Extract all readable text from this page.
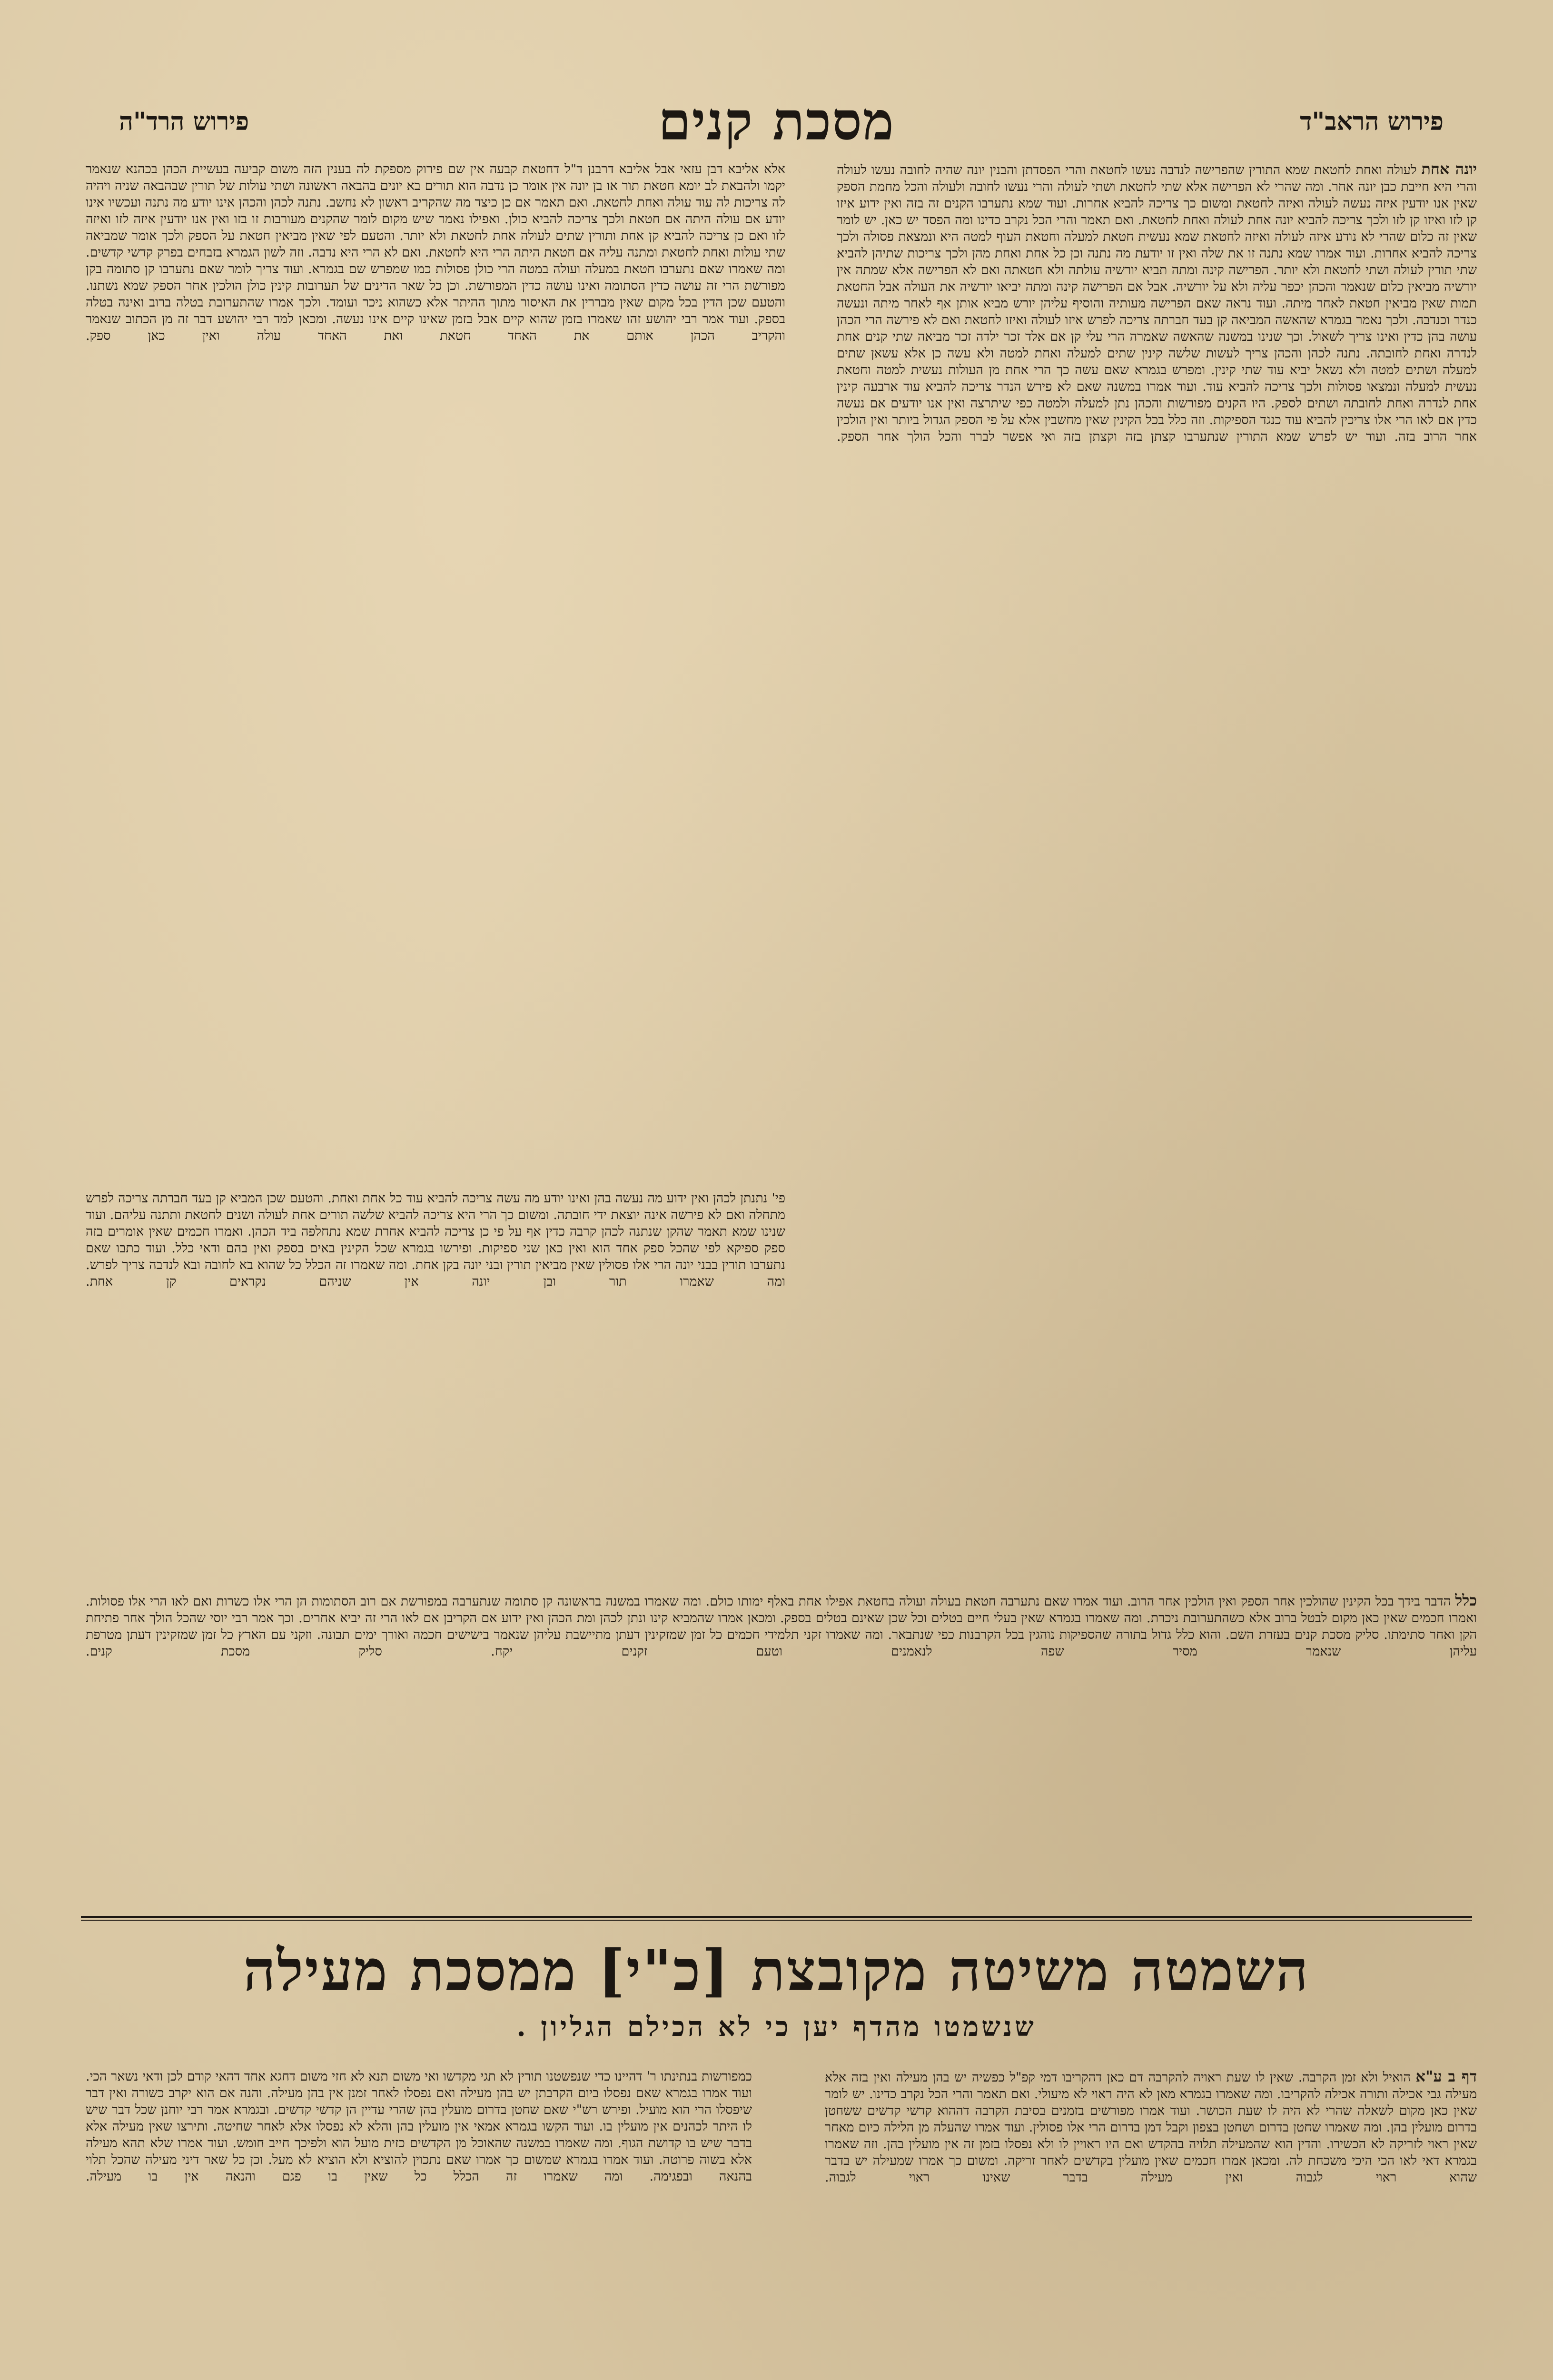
פירוש הראב"ד
מסכת קנים
פירוש הרד"ה

יונה אחת לעולה ואחת לחטאת שמא התורין שהפרישה לנדבה נעשו לחטאת והרי הפסדתן והבנין יונה שהיה לחובה נעשו לעולה והרי היא חייבת כבן יונה אחר. ומה שהרי לא הפרישה אלא שתי לחטאת ושתי לעולה והרי נעשו לחובה ולעולה והכל מחמת הספק שאין אנו יודעין איזה נעשה לעולה ואיזה לחטאת ומשום כך צריכה להביא אחרות. ועוד שמא נתערבו הקנים זה בזה ואין ידוע איזו קן לזו ואיזו קן לזו ולכך צריכה להביא יונה אחת לעולה ואחת לחטאת. ואם תאמר והרי הכל נקרב כדינו ומה הפסד יש כאן. יש לומר שאין זה כלום שהרי לא נודע איזה לעולה ואיזה לחטאת שמא נעשית חטאת למעלה וחטאת העוף למטה היא ונמצאת פסולה ולכך צריכה להביא אחרות. ועוד אמרו שמא נתנה זו את שלה ואין זו יודעת מה נתנה וכן כל אחת ואחת מהן ולכך צריכות שתיהן להביא שתי תורין לעולה ושתי לחטאת ולא יותר. הפרישה קינה ומתה תביא יורשיה עולתה ולא חטאתה ואם לא הפרישה אלא שמתה אין יורשיה מביאין כלום שנאמר והכהן יכפר עליה ולא על יורשיה. אבל אם הפרישה קינה ומתה יביאו יורשיה את העולה אבל החטאת תמות שאין מביאין חטאת לאחר מיתה. ועוד נראה שאם הפרישה מעותיה והוסיף עליהן יורש מביא אותן אף לאחר מיתה ונעשה כנדר וכנדבה. ולכך נאמר בגמרא שהאשה המביאה קן בעד חברתה צריכה לפרש איזו לעולה ואיזו לחטאת ואם לא פירשה הרי הכהן עושה בהן כדין ואינו צריך לשאול. וכך שנינו במשנה שהאשה שאמרה הרי עלי קן אם אלד זכר ילדה זכר מביאה שתי קנים אחת לנדרה ואחת לחובתה. נתנה לכהן והכהן צריך לעשות שלשה קינין שתים למעלה ואחת למטה ולא עשה כן אלא עשאן שתים למעלה ושתים למטה ולא נשאל יביא עוד שתי קינין. ומפרש בגמרא שאם עשה כך הרי אחת מן העולות נעשית למטה וחטאת נעשית למעלה ונמצאו פסולות ולכך צריכה להביא עוד. ועוד אמרו במשנה שאם לא פירש הנדר צריכה להביא עוד ארבעה קינין אחת לנדרה ואחת לחובתה ושתים לספק. היו הקנים מפורשות והכהן נתן למעלה ולמטה כפי שיתרצה ואין אנו יודעים אם נעשה כדין אם לאו הרי אלו צריכין להביא עוד כנגד הספיקות. וזה כלל בכל הקינין שאין מחשבין אלא על פי הספק הגדול ביותר ואין הולכין אחר הרוב בזה. ועוד יש לפרש שמא התורין שנתערבו קצתן בזה וקצתן בזה ואי אפשר לברר והכל הולך אחר הספק.

אלא אליבא דבן עזאי אבל אליבא דרבנן ד"ל דחטאת קבעה אין שם פירוק מספקת לה בענין הזה משום קביעה בעשיית הכהן בכהנא שנאמר יקמו ולהבאת לב יומא חטאת תור או בן יונה אין אומר כן נדבה הוא תורים בא יונים בהבאה ראשונה ושתי עולות של תורין שבהבאה שניה ויהיה לה צריכות לה עוד עולה ואחת לחטאת. ואם תאמר אם כן כיצד מה שהקריב ראשון לא נחשב. נתנה לכהן והכהן אינו יודע מה נתנה ועכשיו אינו יודע אם עולה היתה אם חטאת ולכך צריכה להביא כולן. ואפילו נאמר שיש מקום לומר שהקנים מעורבות זו בזו ואין אנו יודעין איזה לזו ואיזה לזו ואם כן צריכה להביא קן אחת ותורין שתים לעולה אחת לחטאת ולא יותר. והטעם לפי שאין מביאין חטאת על הספק ולכך אומר שמביאה שתי עולות ואחת לחטאת ומתנה עליה אם חטאת היתה הרי היא לחטאת. ואם לא הרי היא נדבה. וזה לשון הגמרא בזבחים בפרק קדשי קדשים. ומה שאמרו שאם נתערבו חטאת במעלה ועולה במטה הרי כולן פסולות כמו שמפרש שם בגמרא. ועוד צריך לומר שאם נתערבו קן סתומה בקן מפורשת הרי זה עושה כדין הסתומה ואינו עושה כדין המפורשת. וכן כל שאר הדינים של תערובות קינין כולן הולכין אחר הספק שמא נשתנו. והטעם שכן הדין בכל מקום שאין מבררין את האיסור מתוך ההיתר אלא כשהוא ניכר ועומד. ולכך אמרו שהתערובת בטלה ברוב ואינה בטלה בספק. ועוד אמר רבי יהושע זהו שאמרו בזמן שהוא קיים אבל בזמן שאינו קיים אינו נעשה. ומכאן למד רבי יהושע דבר זה מן הכתוב שנאמר והקריב הכהן אותם את האחד חטאת ואת האחד עולה ואין כאן ספק.

פי' נתנתן לכהן ואין ידוע מה נעשה בהן ואינו יודע מה עשה צריכה להביא עוד כל אחת ואחת. והטעם שכן המביא קן בעד חברתה צריכה לפרש מתחלה ואם לא פירשה אינה יוצאת ידי חובתה. ומשום כך הרי היא צריכה להביא שלשה תורים אחת לעולה ושנים לחטאת ותתנה עליהם. ועוד שנינו שמא תאמר שהקן שנתנה לכהן קרבה כדין אף על פי כן צריכה להביא אחרת שמא נתחלפה ביד הכהן. ואמרו חכמים שאין אומרים בזה ספק ספיקא לפי שהכל ספק אחד הוא ואין כאן שני ספיקות. ופירשו בגמרא שכל הקינין באים בספק ואין בהם ודאי כלל. ועוד כתבו שאם נתערבו תורין בבני יונה הרי אלו פסולין שאין מביאין תורין ובני יונה בקן אחת. ומה שאמרו זה הכלל כל שהוא בא לחובה ובא לנדבה צריך לפרש. ומה שאמרו תור ובן יונה אין שניהם נקראים קן אחת.

כלל הדבר בידך בכל הקינין שהולכין אחר הספק ואין הולכין אחר הרוב. ועוד אמרו שאם נתערבה חטאת בעולה ועולה בחטאת אפילו אחת באלף ימותו כולם. ומה שאמרו במשנה בראשונה קן סתומה שנתערבה במפורשת אם רוב הסתומות הן הרי אלו כשרות ואם לאו הרי אלו פסולות. ואמרו חכמים שאין כאן מקום לבטל ברוב אלא כשהתערובת ניכרת. ומה שאמרו בגמרא שאין בעלי חיים בטלים וכל שכן שאינם בטלים בספק. ומכאן אמרו שהמביא קינו ונתן לכהן ומת הכהן ואין ידוע אם הקריבן אם לאו הרי זה יביא אחרים. וכך אמר רבי יוסי שהכל הולך אחר פתיחת הקן ואחר סתימתו. סליק מסכת קנים בעזרת השם. והוא כלל גדול בתורה שהספיקות נוהגין בכל הקרבנות כפי שנתבאר. ומה שאמרו זקני תלמידי חכמים כל זמן שמזקינין דעתן מתיישבת עליהן שנאמר בישישים חכמה ואורך ימים תבונה. וזקני עם הארץ כל זמן שמזקינין דעתן מטרפת עליהן שנאמר מסיר שפה לנאמנים וטעם זקנים יקח. סליק מסכת קנים.

השמטה משיטה מקובצת [כ"י] ממסכת מעילה
שנשמטו מהדף יען כי לא הכילם הגליון .

דף ב ע"א הואיל ולא זמן הקרבה. שאין לו שעת ראויה להקרבה דם כאן דהקריבו דמי קפ"ל כפשיה יש בהן מעילה ואין בזה אלא מעילה גבי אכילה ותורה אכילה להקריבו. ומה שאמרו בגמרא מאן לא היה ראוי לא מיעולי. ואם תאמר והרי הכל נקרב כדינו. יש לומר שאין כאן מקום לשאלה שהרי לא היה לו שעת הכושר. ועוד אמרו מפורשים בזמנים בסיבת הקרבה דההוא קדשי קדשים ששחטן בדרום מועלין בהן. ומה שאמרו שחטן בדרום ושחטן בצפון וקבל דמן בדרום הרי אלו פסולין. ועוד אמרו שהעלה מן הלילה כיום מאחר שאין ראוי לזריקה לא הכשירו. והדין הוא שהמעילה תלויה בהקדש ואם היו ראויין לו ולא נפסלו בזמן זה אין מועלין בהן. וזה שאמרו בגמרא דאי לאו הכי היכי משכחת לה. ומכאן אמרו חכמים שאין מועלין בקדשים לאחר זריקה. ומשום כך אמרו שמעילה יש בדבר שהוא ראוי לגבוה ואין מעילה בדבר שאינו ראוי לגבוה.

כמפורשות בנתינתו ר' דהיינו כדי שנפשטנו תורין לא תגי מקדשו ואי משום תנא לא חזי משום דחגא אחד דהאי קודם לכן ודאי נשאר הכי. ועוד אמרו בגמרא שאם נפסלו ביום הקרבתן יש בהן מעילה ואם נפסלו לאחר זמנן אין בהן מעילה. והנה אם הוא יקרב כשורה ואין דבר שיפסלו הרי הוא מועיל. ופירש רש"י שאם שחטן בדרום מועלין בהן שהרי עדיין הן קדשי קדשים. ובגמרא אמר רבי יוחנן שכל דבר שיש לו היתר לכהנים אין מועלין בו. ועוד הקשו בגמרא אמאי אין מועלין בהן והלא לא נפסלו אלא לאחר שחיטה. ותירצו שאין מעילה אלא בדבר שיש בו קדושת הגוף. ומה שאמרו במשנה שהאוכל מן הקדשים כזית מועל הוא ולפיכך חייב חומש. ועוד אמרו שלא תהא מעילה אלא בשוה פרוטה. ועוד אמרו בגמרא שמשום כך אמרו שאם נתכוין להוציא ולא הוציא לא מעל. וכן כל שאר דיני מעילה שהכל תלוי בהנאה ובפגימה. ומה שאמרו זה הכלל כל שאין בו פגם והנאה אין בו מעילה.
